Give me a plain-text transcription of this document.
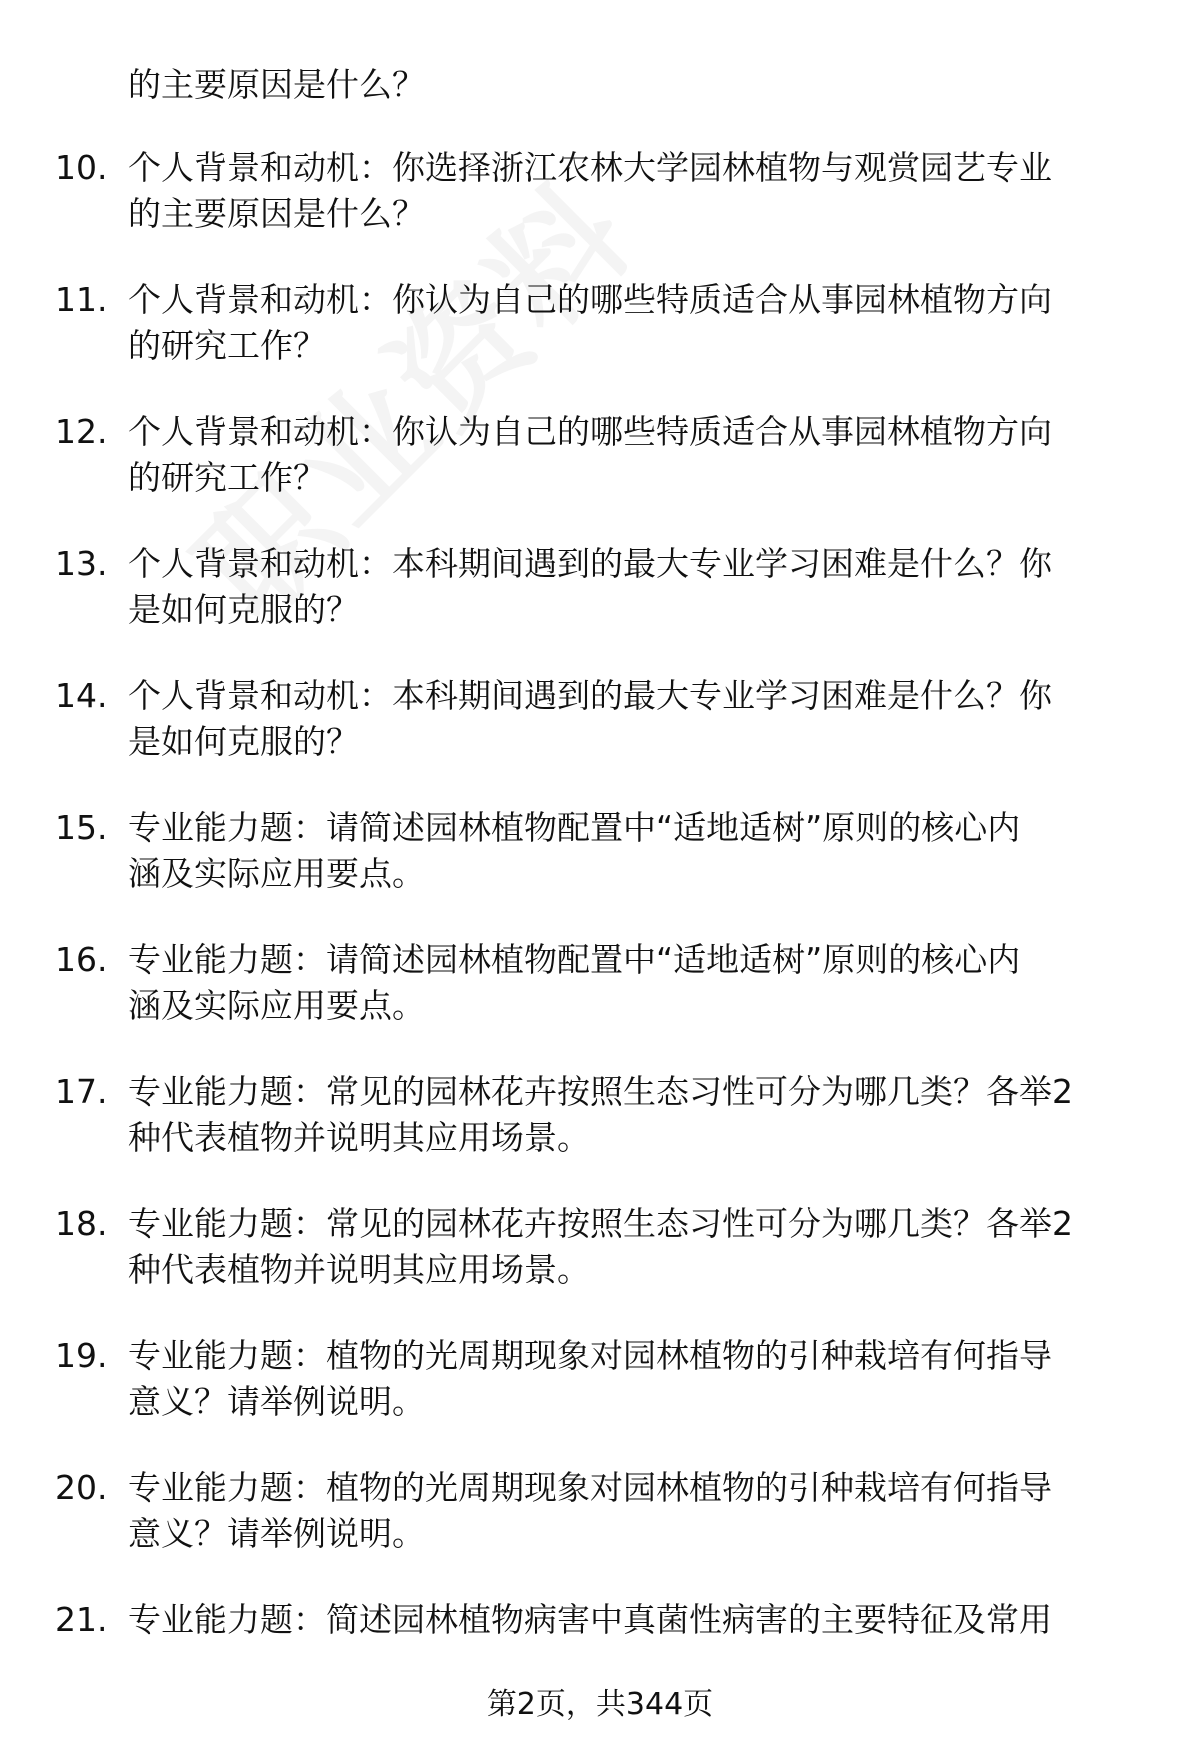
的主要原因是什么？
10. 个人背景和动机：你选择浙江农林大学园林植物与观赏园艺专业
的主要原因是什么？
11. 个人背景和动机：你认为自己的哪些特质适合从事园林植物方向
的研究工作？
12. 个人背景和动机：你认为自己的哪些特质适合从事园林植物方向
的研究工作？
13. 个人背景和动机：本科期间遇到的最大专业学习困难是什么？你
是如何克服的？
14. 个人背景和动机：本科期间遇到的最大专业学习困难是什么？你
是如何克服的？
15. 专业能力题：请简述园林植物配置中“适地适树”原则的核心内
涵及实际应用要点。
16. 专业能力题：请简述园林植物配置中“适地适树”原则的核心内
涵及实际应用要点。
17. 专业能力题：常见的园林花卉按照生态习性可分为哪几类？各举2
种代表植物并说明其应用场景。
18. 专业能力题：常见的园林花卉按照生态习性可分为哪几类？各举2
种代表植物并说明其应用场景。
19. 专业能力题：植物的光周期现象对园林植物的引种栽培有何指导
意义？请举例说明。
20. 专业能力题：植物的光周期现象对园林植物的引种栽培有何指导
意义？请举例说明。
21. 专业能力题：简述园林植物病害中真菌性病害的主要特征及常用
第2页，共344页
